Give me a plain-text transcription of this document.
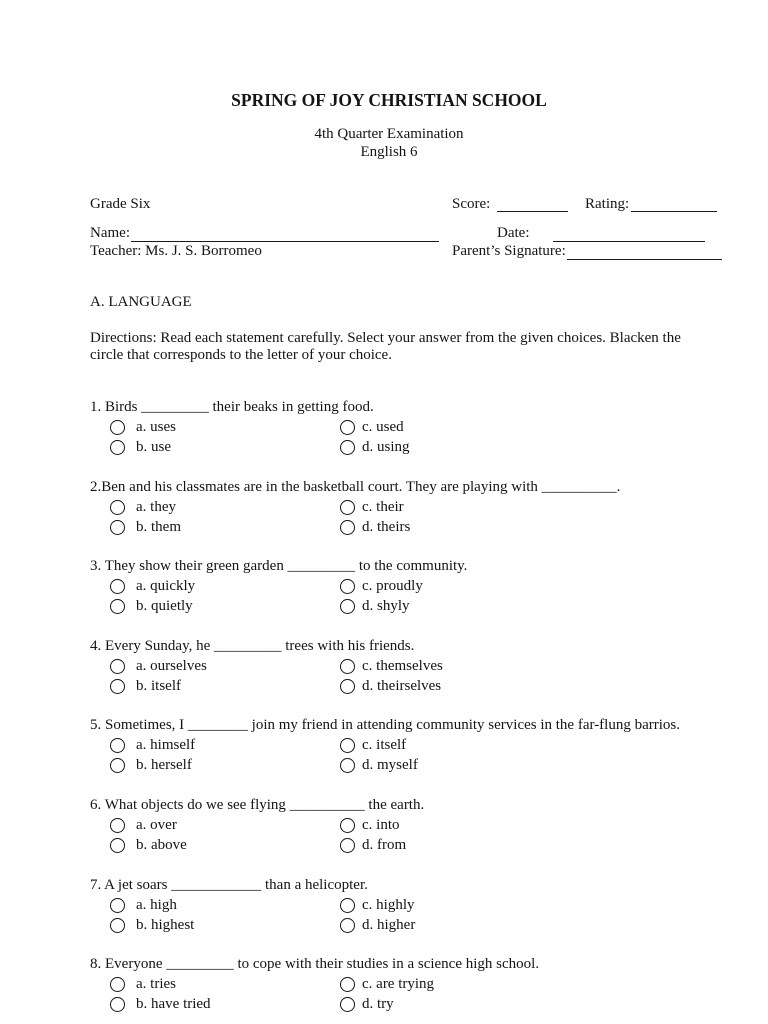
SPRING OF JOY CHRISTIAN SCHOOL
4th Quarter Examination
English 6
Grade Six	Score:	Rating:
Name:	Date:
Teacher: Ms. J. S. Borromeo	Parent’s Signature:
A. LANGUAGE
Directions: Read each statement carefully. Select your answer from the given choices. Blacken the
circle that corresponds to the letter of your choice.
1. Birds _________ their beaks in getting food.
a. uses
b. use
c. used
d. using
2.Ben and his classmates are in the basketball court. They are playing with __________.
a. they
b. them
c. their
d. theirs
3. They show their green garden _________ to the community.
a. quickly
b. quietly
c. proudly
d. shyly
4. Every Sunday, he _________ trees with his friends.
a. ourselves
b. itself
c. themselves
d. theirselves
5. Sometimes, I ________ join my friend in attending community services in the far-flung barrios.
a. himself
b. herself
c. itself
d. myself
6. What objects do we see flying __________ the earth.
a. over
b. above
c. into
d. from
7. A jet soars ____________ than a helicopter.
a. high
b. highest
c. highly
d. higher
8. Everyone _________ to cope with their studies in a science high school.
a. tries
b. have tried
c. are trying
d. try
